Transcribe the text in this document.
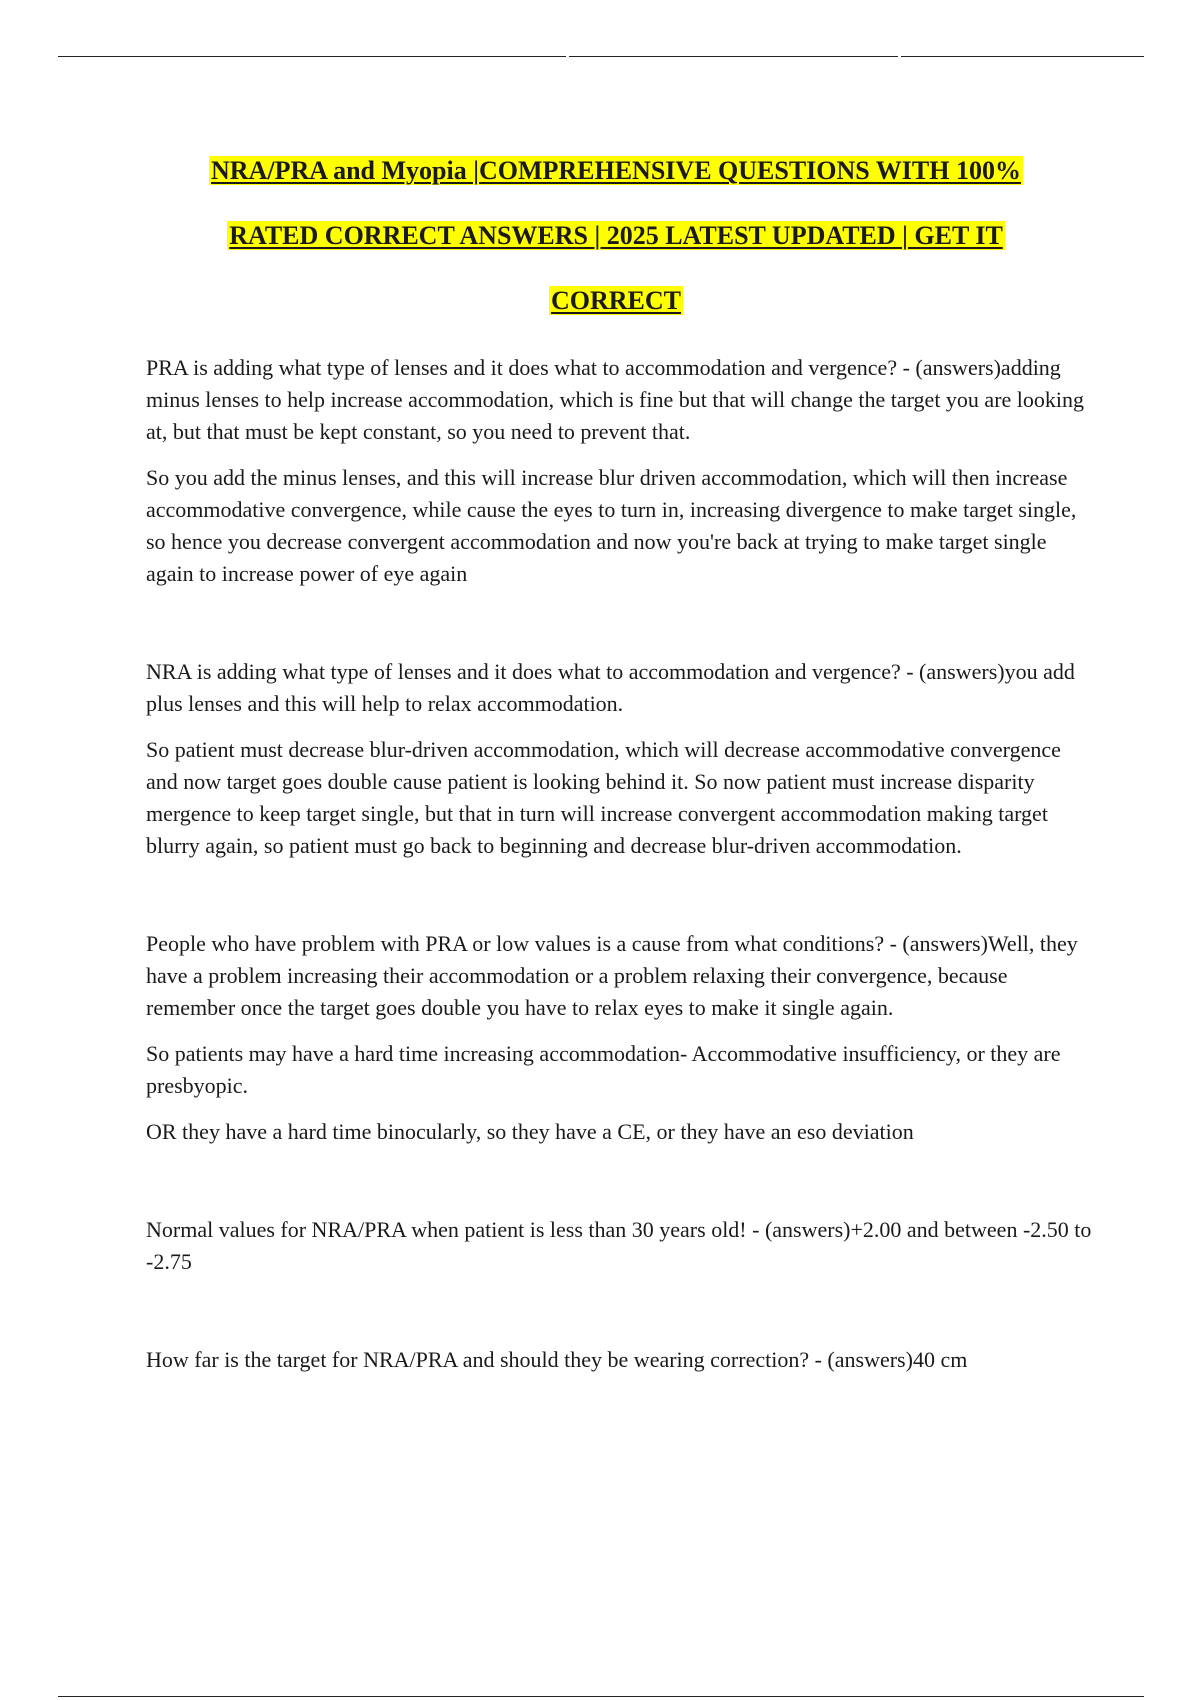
NRA/PRA and Myopia |COMPREHENSIVE QUESTIONS WITH 100%
RATED CORRECT ANSWERS | 2025 LATEST UPDATED | GET IT
CORRECT

PRA is adding what type of lenses and it does what to accommodation and vergence? - (answers)adding minus lenses to help increase accommodation, which is fine but that will change the target you are looking at, but that must be kept constant, so you need to prevent that.

So you add the minus lenses, and this will increase blur driven accommodation, which will then increase accommodative convergence, while cause the eyes to turn in, increasing divergence to make target single, so hence you decrease convergent accommodation and now you're back at trying to make target single again to increase power of eye again

NRA is adding what type of lenses and it does what to accommodation and vergence? - (answers)you add plus lenses and this will help to relax accommodation.

So patient must decrease blur-driven accommodation, which will decrease accommodative convergence and now target goes double cause patient is looking behind it. So now patient must increase disparity mergence to keep target single, but that in turn will increase convergent accommodation making target blurry again, so patient must go back to beginning and decrease blur-driven accommodation.

People who have problem with PRA or low values is a cause from what conditions? - (answers)Well, they have a problem increasing their accommodation or a problem relaxing their convergence, because remember once the target goes double you have to relax eyes to make it single again.

So patients may have a hard time increasing accommodation- Accommodative insufficiency, or they are presbyopic.

OR they have a hard time binocularly, so they have a CE, or they have an eso deviation

Normal values for NRA/PRA when patient is less than 30 years old! - (answers)+2.00 and between -2.50 to -2.75

How far is the target for NRA/PRA and should they be wearing correction? - (answers)40 cm
